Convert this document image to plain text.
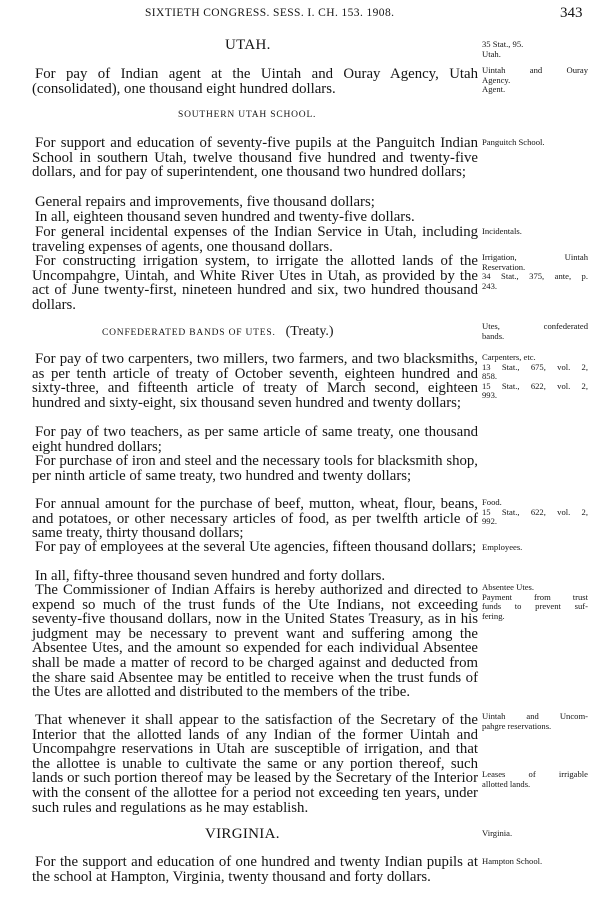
SIXTIETH CONGRESS. SESS. I. CH. 153. 1908.	343
UTAH.	35 Stat., 95.
Utah.
For pay of Indian agent at the Uintah and Ouray Agency, Utah (consolidated), one thousand eight hundred dollars.
Uintah and Ouray
Agency.
Agent.
SOUTHERN UTAH SCHOOL.
For support and education of seventy-five pupils at the Panguitch Indian School in southern Utah, twelve thousand five hundred and twenty-five dollars, and for pay of superintendent, one thousand two hundred dollars;
Panguitch School.
General repairs and improvements, five thousand dollars;
In all, eighteen thousand seven hundred and twenty-five dollars.
For general incidental expenses of the Indian Service in Utah, including traveling expenses of agents, one thousand dollars.
Incidentals.
For constructing irrigation system, to irrigate the allotted lands of the Uncompahgre, Uintah, and White River Utes in Utah, as provided by the act of June twenty-first, nineteen hundred and six, two hundred thousand dollars.
Irrigation, Uintah
Reservation.
34 Stat., 375, ante, p.
243.
CONFEDERATED BANDS OF UTES. (Treaty.)	Utes, confederated
bands.
For pay of two carpenters, two millers, two farmers, and two blacksmiths, as per tenth article of treaty of October seventh, eighteen hundred and sixty-three, and fifteenth article of treaty of March second, eighteen hundred and sixty-eight, six thousand seven hundred and twenty dollars;
Carpenters, etc.
13 Stat., 675, vol. 2,
858.
15 Stat., 622, vol. 2,
993.
For pay of two teachers, as per same article of same treaty, one thousand eight hundred dollars;
For purchase of iron and steel and the necessary tools for blacksmith shop, per ninth article of same treaty, two hundred and twenty dollars;
For annual amount for the purchase of beef, mutton, wheat, flour, beans, and potatoes, or other necessary articles of food, as per twelfth article of same treaty, thirty thousand dollars;
Food.
15 Stat., 622, vol. 2,
992.
For pay of employees at the several Ute agencies, fifteen thousand dollars; Employees.
In all, fifty-three thousand seven hundred and forty dollars.
The Commissioner of Indian Affairs is hereby authorized and directed to expend so much of the trust funds of the Ute Indians, not exceeding seventy-five thousand dollars, now in the United States Treasury, as in his judgment may be necessary to prevent want and suffering among the Absentee Utes, and the amount so expended for each individual Absentee shall be made a matter of record to be charged against and deducted from the share said Absentee may be entitled to receive when the trust funds of the Utes are allotted and distributed to the members of the tribe.
Absentee Utes.
Payment from trust
funds to prevent suf-
fering.
That whenever it shall appear to the satisfaction of the Secretary of the Interior that the allotted lands of any Indian of the former Uintah and Uncompahgre reservations in Utah are susceptible of irrigation, and that the allottee is unable to cultivate the same or any portion thereof, such lands or such portion thereof may be leased by the Secretary of the Interior with the consent of the allottee for a period not exceeding ten years, under such rules and regulations as he may establish.
Uintah and Uncom-
pahgre reservations.
Leases of irrigable
allotted lands.
VIRGINIA.	Virginia.
For the support and education of one hundred and twenty Indian pupils at the school at Hampton, Virginia, twenty thousand and forty dollars.
Hampton School.
